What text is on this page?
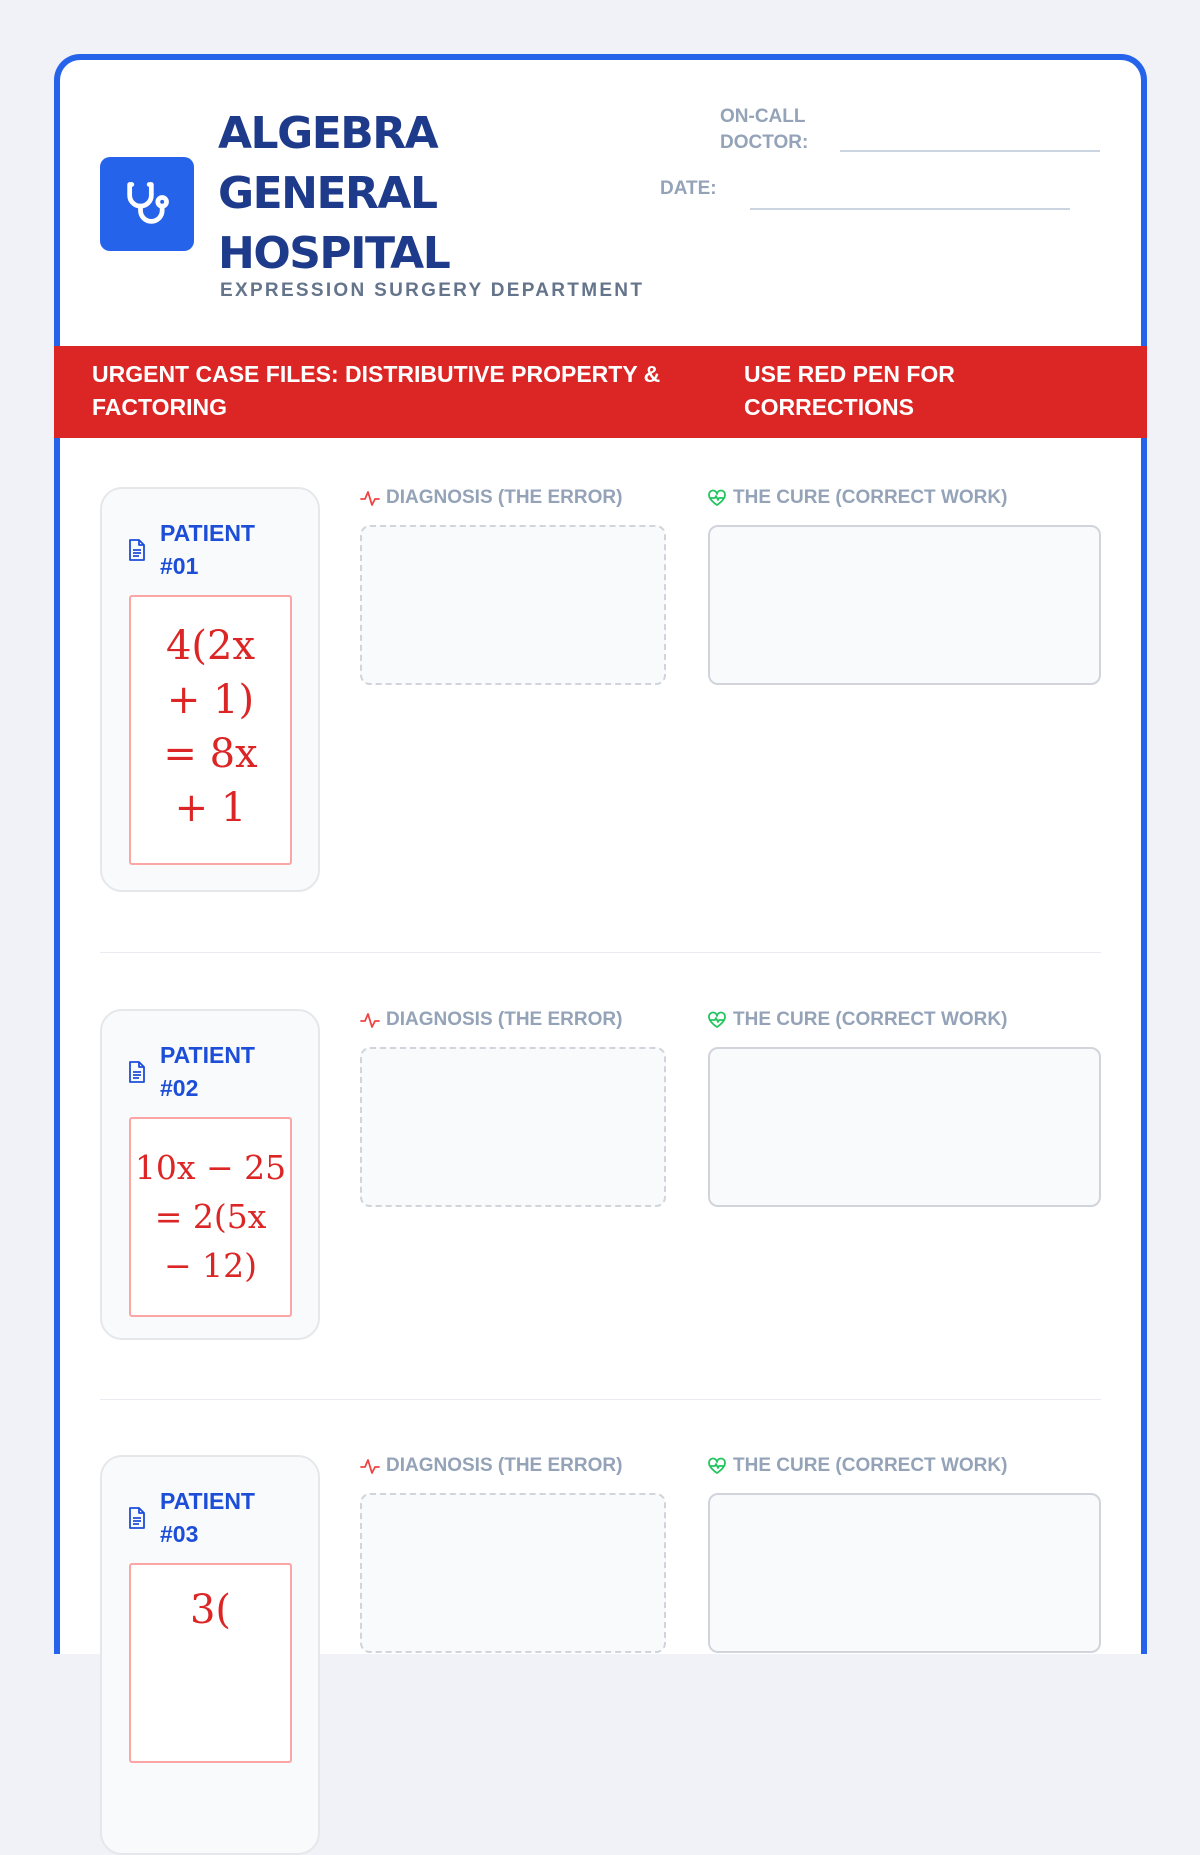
ALGEBRA
GENERAL
HOSPITAL
EXPRESSION SURGERY DEPARTMENT
ON-CALL DOCTOR:
DATE:
URGENT CASE FILES: DISTRIBUTIVE PROPERTY & FACTORING
USE RED PEN FOR CORRECTIONS
PATIENT #01
4(2x
+ 1)
= 8x
+ 1
DIAGNOSIS (THE ERROR)	THE CURE (CORRECT WORK)
PATIENT #02
10x − 25
= 2(5x
− 12)
DIAGNOSIS (THE ERROR)	THE CURE (CORRECT WORK)
PATIENT #03
3(
DIAGNOSIS (THE ERROR)	THE CURE (CORRECT WORK)
